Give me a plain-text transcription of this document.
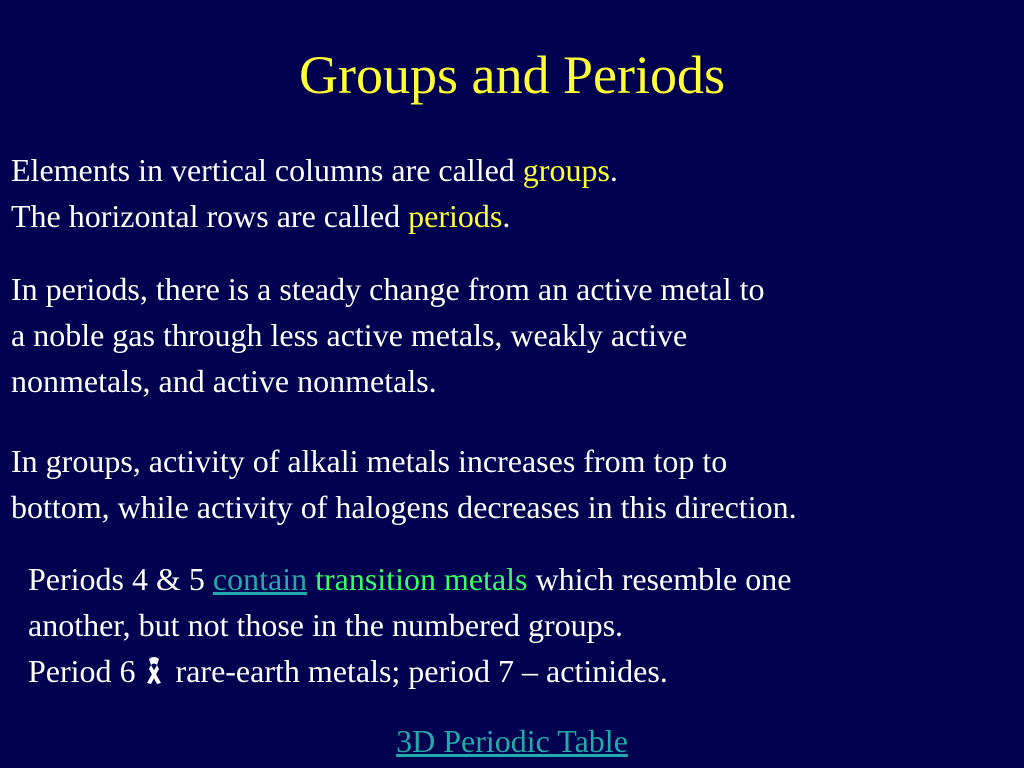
Groups and Periods

Elements in vertical columns are called groups.
The horizontal rows are called periods.

In periods, there is a steady change from an active metal to
a noble gas through less active metals, weakly active
nonmetals, and active nonmetals.

In groups, activity of alkali metals increases from top to
bottom, while activity of halogens decreases in this direction.

Periods 4 & 5 contain transition metals which resemble one
another, but not those in the numbered groups.
Period 6 rare-earth metals; period 7 – actinides.

3D Periodic Table
